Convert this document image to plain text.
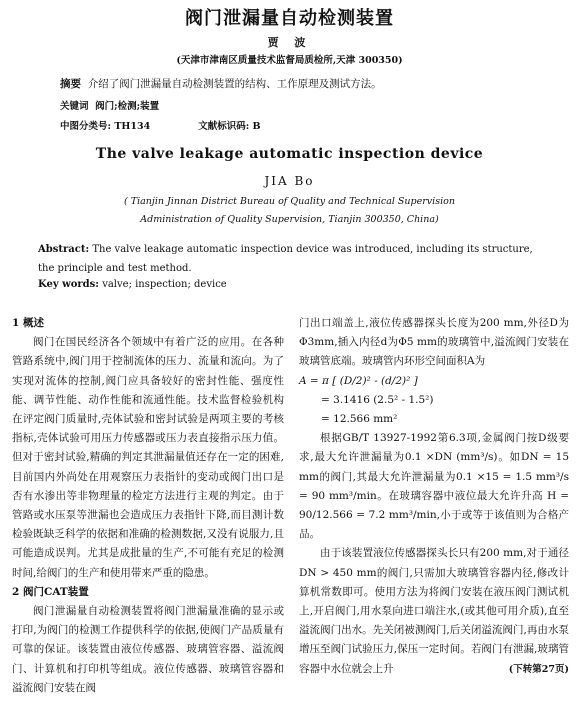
阀门泄漏量自动检测装置
贾 波
(天津市津南区质量技术监督局质检所,天津 300350)
摘要 介绍了阀门泄漏量自动检测装置的结构、工作原理及测试方法。
关键词 阀门;检测;装置
中图分类号: TH134	文献标识码: B
The valve leakage automatic inspection device
JIA Bo
( Tianjin Jinnan District Bureau of Quality and Technical Supervision
Administration of Quality Supervision, Tianjin 300350, China)
Abstract: The valve leakage automatic inspection device was introduced, including its structure, the principle and test method.
Key words: valve; inspection; device

1 概述

阀门在国民经济各个领域中有着广泛的应用。在各种管路系统中,阀门用于控制流体的压力、流量和流向。为了实现对流体的控制,阀门应具备较好的密封性能、强度性能、调节性能、动作性能和流通性能。技术监督检验机构在评定阀门质量时,壳体试验和密封试验是两项主要的考核指标,壳体试验可用压力传感器或压力表直接指示压力值。但对于密封试验,精确的判定其泄漏量值还存在一定的困难,目前国内外尚处在用观察压力表指针的变动或阀门出口是否有水渗出等非物理量的检定方法进行主观的判定。由于管路或水压泵等泄漏也会造成压力表指针下降,而目测计数检验既缺乏科学的依据和准确的检测数据,又没有说服力,且可能造成误判。尤其是成批量的生产,不可能有充足的检测时间,给阀门的生产和使用带来严重的隐患。

2 阀门CAT装置

阀门泄漏量自动检测装置将阀门泄漏量准确的显示或打印,为阀门的检测工作提供科学的依据,使阀门产品质量有可靠的保证。该装置由液位传感器、玻璃管容器、溢流阀门、计算机和打印机等组成。液位传感器、玻璃管容器和溢流阀门安装在阀

门出口端盖上,液位传感器探头长度为200 mm,外径D为Φ3mm,插入内径d为Φ5 mm的玻璃管中,溢流阀门安装在玻璃管底端。玻璃管内环形空间面积A为

A = π [ (D/2)² - (d/2)² ]

= 3.1416 (2.5² - 1.5²)

= 12.566 mm²

根据GB/T 13927-1992第6.3项,金属阀门按D级要求,最大允许泄漏量为0.1 ×DN (mm³/s)。如DN = 15 mm的阀门,其最大允许泄漏量为0.1 ×15 = 1.5 mm³/s = 90 mm³/min。在玻璃容器中液位最大允许升高 H = 90/12.566 = 7.2 mm³/min,小于或等于该值则为合格产品。

由于该装置液位传感器探头长只有200 mm,对于通径DN > 450 mm的阀门,只需加大玻璃管容器内径,修改计算机常数即可。使用方法为将阀门安装在液压阀门测试机上,开启阀门,用水泵向进口端注水,(或其他可用介质),直至溢流阀门出水。先关闭被测阀门,后关闭溢流阀门,再由水泵增压至阀门试验压力,保压一定时间。若阀门有泄漏,玻璃管容器中水位就会上升	(下转第27页)
